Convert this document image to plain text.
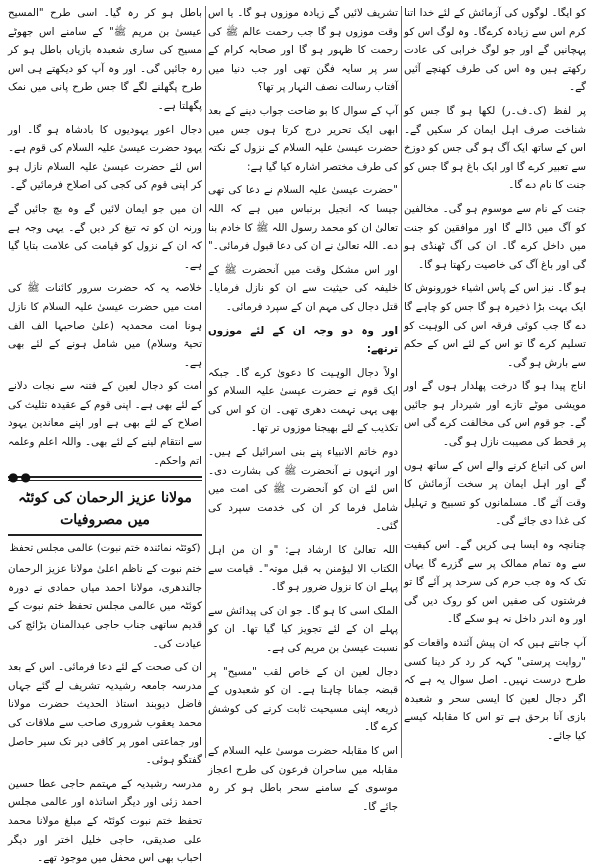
کو ایگا۔ لوگوں کی آزمائش کے لئے خدا اتنا کرم اس سے زیادہ کرےگا۔ وہ لوگ اس کو پہچانیں گے اور جو لوگ خرابی کی عادت رکھتے ہیں وہ اس کی طرف کھنچے آئیں گے۔

پر لفظ (ک۔ف۔ر) لکھا ہو گا جس کو شناخت صرف اہل ایمان کر سکیں گے۔ اس کے ساتھ ایک آگ ہو گی جس کو دوزخ سے تعبیر کرے گا اور ایک باغ ہو گا جس کو جنت کا نام دے گا۔

جنت کے نام سے موسوم ہو گی۔ مخالفین کو آگ میں ڈالے گا اور موافقین کو جنت میں داخل کرے گا۔ ان کی آگ ٹھنڈی ہو گی اور باغ آگ کی خاصیت رکھتا ہو گا۔

ہو گا۔ نیز اس کے پاس اشیاء خورونوش کا ایک بہت بڑا ذخیرہ ہو گا جس کو چاہے گا دے گا جب کوئی فرقہ اس کی الوہیت کو تسلیم کرے گا تو اس کے لئے اس کے حکم سے بارش ہو گی۔

اناج پیدا ہو گا درخت پھلدار ہوں گے اور مویشی موٹے تازے اور شیردار ہو جائیں گے۔ جو قوم اس کی مخالفت کرے گی اس پر قحط کی مصیبت نازل ہو گی۔

اس کی اتباع کرنے والے اس کے ساتھ ہوں گے اور اہل ایمان پر سخت آزمائش کا وقت آئے گا۔ مسلمانوں کو تسبیح و تہلیل کی غذا دی جائے گی۔

چنانچہ وہ ایسا ہی کریں گے۔ اس کیفیت سے وہ تمام ممالک پر سے گزرے گا یہاں تک کہ وہ جب حرم کی سرحد پر آئے گا تو فرشتوں کی صفیں اس کو روک دیں گی اور وہ اندر داخل نہ ہو سکے گا۔

آپ جانتے ہیں کہ ان پیش آئندہ واقعات کو "روایت پرستی" کہہ کر رد کر دینا کسی طرح درست نہیں۔ اصل سوال یہ ہے کہ اگر دجال لعین کا ایسی سحر و شعبدہ بازی آنا برحق ہے تو اس کا مقابلہ کیسے کیا جائے۔

تشریف لائیں گے زیادہ موزوں ہو گا۔ یا اس وقت موزوں ہو گا جب رحمت عالم ﷺ کی رحمت کا ظہور ہو گا اور صحابہ کرام کے سر پر سایہ فگن تھی اور جب دنیا میں آفتاب رسالت نصف النہار پر تھا؟

آپ کے سوال کا بو ضاحت جواب دینے کے بعد ابھی ایک تحریر درج کرتا ہوں جس میں حضرت عیسیٰ علیہ السلام کے نزول کے نکتہ کی طرف مختصر اشارہ کیا گیا ہے:

"حضرت عیسیٰ علیہ السلام نے دعا کی تھی جیسا کہ انجیل برنباس میں ہے کہ اللہ تعالیٰ ان کو محمد رسول اللہ ﷺ کا خادم بنا دے۔ اللہ تعالیٰ نے ان کی دعا قبول فرمائی۔"

اور اس مشکل وقت میں آنحضرت ﷺ کے خلیفہ کی حیثیت سے ان کو نازل فرمایا۔ قتل دجال کی مہم ان کے سپرد فرمائی۔

اور وہ دو وجہ ان کے لئے موزوں ترتھے:

اولاً دجال الوہیت کا دعویٰ کرے گا۔ جبکہ ایک قوم نے حضرت عیسیٰ علیہ السلام کو بھی یہی تہمت دھری تھی۔ ان کو اس کی تکذیب کے لئے بھیجنا موزوں تر تھا۔

دوم خاتم الانبیاء پنے بنی اسرائیل کے ہیں۔ اور انہوں نے آنحضرت ﷺ کی بشارت دی۔ اس لئے ان کو آنحضرت ﷺ کی امت میں شامل فرما کر ان کی خدمت سپرد کی گئی۔

اللہ تعالیٰ کا ارشاد ہے: "و ان من اہل الکتاب الا لیؤمنن بہ قبل موتہ"۔ قیامت سے پہلے ان کا نزول ضرور ہو گا۔

الملک اسی کا ہو گا۔ جو ان کی پیدائش سے پہلے ان کے لئے تجویز کیا گیا تھا۔ ان کو نسبت عیسیٰ بن مریم کی ہے۔

دجال لعین ان کے خاص لقب "مسیح" پر قبضہ جمانا چاہتا ہے۔ ان کو شعبدوں کے ذریعہ اپنی مسیحیت ثابت کرنے کی کوشش کرے گا۔

اس کا مقابلہ حضرت موسیٰ علیہ السلام کے مقابلہ میں ساحران فرعون کی طرح اعجاز موسوی کے سامنے سحر باطل ہو کر رہ جائے گا۔

باطل ہو کر رہ گیا۔ اسی طرح "المسیح عیسیٰ بن مریم ﷺ" کے سامنے اس جھوٹے مسیح کی ساری شعبدہ بازیاں باطل ہو کر رہ جائیں گی۔ اور وہ آپ کو دیکھتے ہی اس طرح پگھلنے لگے گا جس طرح پانی میں نمک پگھلتا ہے۔

دجال اعور یہودیوں کا بادشاہ ہو گا۔ اور یہود حضرت عیسیٰ علیہ السلام کی قوم ہے۔ اس لئے حضرت عیسیٰ علیہ السلام نازل ہو کر اپنی قوم کی کجی کی اصلاح فرمائیں گے۔

ان میں جو ایمان لائیں گے وہ بچ جائیں گے ورنہ ان کو تہ تیغ کر دیں گے۔ یہی وجہ ہے کہ ان کے نزول کو قیامت کی علامت بتایا گیا ہے۔

خلاصہ یہ کہ حضرت سرور کائنات ﷺ کی امت میں حضرت عیسیٰ علیہ السلام کا نازل ہونا امت محمدیہ (علیٰ صاحبہا الف الف تحیۃ وسلام) میں شامل ہونے کے لئے بھی ہے۔

امت کو دجال لعین کے فتنہ سے نجات دلانے کے لئے بھی ہے۔ اپنی قوم کے عقیدہ تثلیث کی اصلاح کے لئے بھی ہے اور اپنے معاندین یہود سے انتقام لینے کے لئے بھی۔ واللہ اعلم وعلمہ اتم واحکم۔

●●
مولانا عزیز الرحمان کی کوئٹہ میں مصروفیات
(کوئٹہ نمائندہ ختم نبوت) عالمی مجلس تحفظ

ختم نبوت کے ناظم اعلیٰ مولانا عزیز الرحمان جالندھری، مولانا احمد میاں حمادی نے دورہ کوئٹہ میں عالمی مجلس تحفظ ختم نبوت کے قدیم ساتھی جناب حاجی عبدالمنان بڑائچ کی عیادت کی۔

ان کی صحت کے لئے دعا فرمائی۔ اس کے بعد مدرسہ جامعہ رشیدیہ تشریف لے گئے جہاں فاضل دیوبند استاذ الحدیث حضرت مولانا محمد یعقوب شروری صاحب سے ملاقات کی اور جماعتی امور پر کافی دیر تک سیر حاصل گفتگو ہوئی۔

مدرسہ رشیدیہ کے مہتمم حاجی عطا حسین احمد زئی اور دیگر اساتذہ اور عالمی مجلس تحفظ ختم نبوت کوئٹہ کے مبلغ مولانا محمد علی صدیقی، حاجی خلیل اختر اور دیگر احباب بھی اس محفل میں موجود تھے۔
